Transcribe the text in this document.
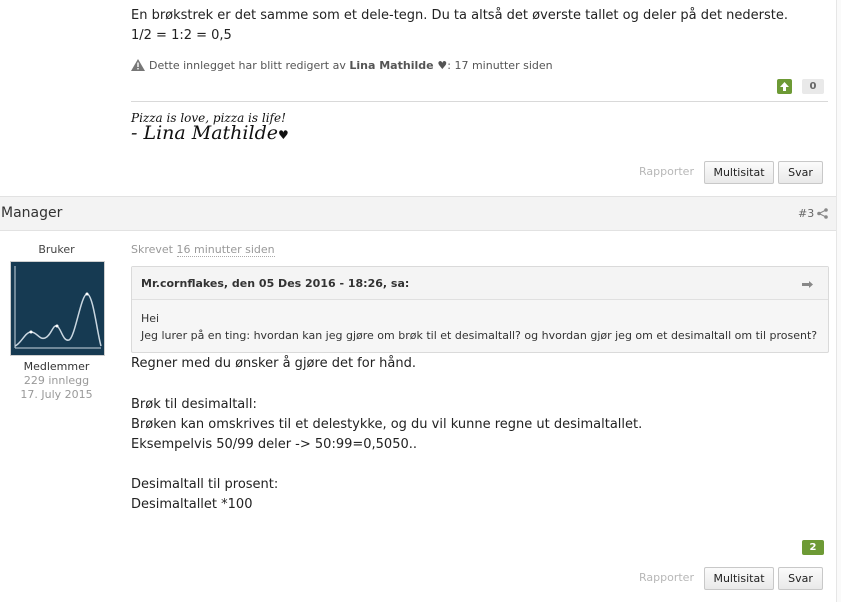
En brøkstrek er det samme som et dele-tegn. Du ta altså det øverste tallet og deler på det nederste.
1/2 = 1:2 = 0,5
Dette innlegget har blitt redigert av Lina Mathilde ♥: 17 minutter siden
0
Pizza is love, pizza is life!
- Lina Mathilde♥
Rapporter	Multisitat	Svar
Manager	#3
Bruker
Medlemmer
229 innlegg
17. July 2015
Skrevet 16 minutter siden
Mr.cornflakes, den 05 Des 2016 - 18:26, sa:
Hei
Jeg lurer på en ting: hvordan kan jeg gjøre om brøk til et desimaltall? og hvordan gjør jeg om et desimaltall om til prosent?
Regner med du ønsker å gjøre det for hånd.
Brøk til desimaltall:
Brøken kan omskrives til et delestykke, og du vil kunne regne ut desimaltallet.
Eksempelvis 50/99 deler -> 50:99=0,5050..
Desimaltall til prosent:
Desimaltallet *100
2
Rapporter	Multisitat	Svar
